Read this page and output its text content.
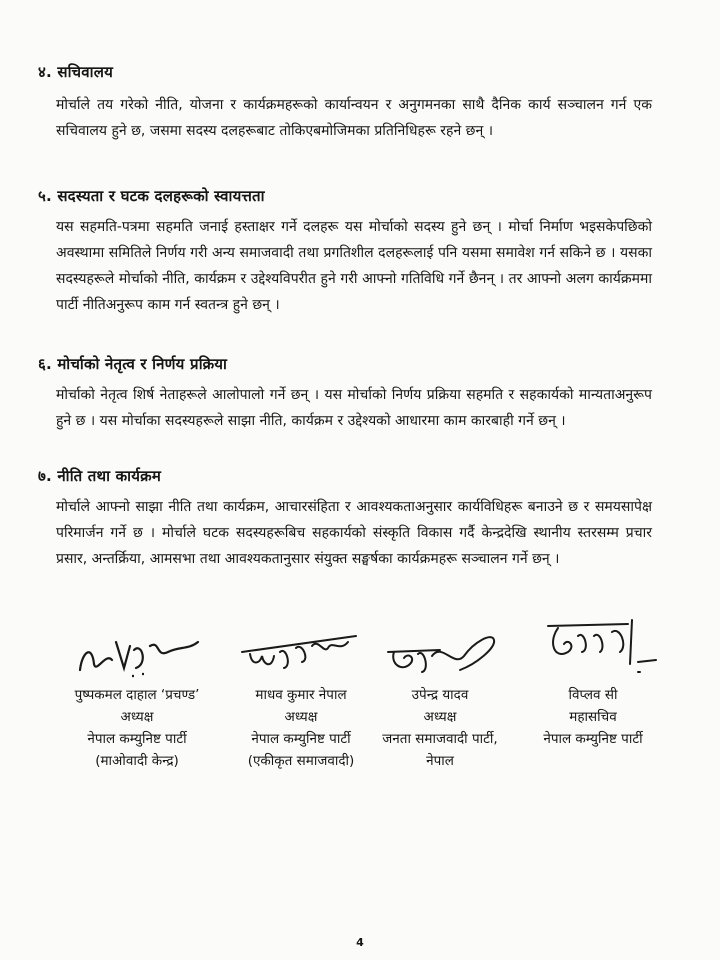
४. सचिवालय
मोर्चाले तय गरेको नीति, योजना र कार्यक्रमहरूको कार्यान्वयन र अनुगमनका साथै दैनिक कार्य सञ्चालन गर्न एक सचिवालय हुने छ, जसमा सदस्य दलहरूबाट तोकिएबमोजिमका प्रतिनिधिहरू रहने छन् ।
५. सदस्यता र घटक दलहरूको स्वायत्तता
यस सहमति-पत्रमा सहमति जनाई हस्ताक्षर गर्ने दलहरू यस मोर्चाको सदस्य हुने छन् । मोर्चा निर्माण भइसकेपछिको अवस्थामा समितिले निर्णय गरी अन्य समाजवादी तथा प्रगतिशील दलहरूलाई पनि यसमा समावेश गर्न सकिने छ । यसका सदस्यहरूले मोर्चाको नीति, कार्यक्रम र उद्देश्यविपरीत हुने गरी आफ्नो गतिविधि गर्ने छैनन् । तर आफ्नो अलग कार्यक्रममा पार्टी नीतिअनुरूप काम गर्न स्वतन्त्र हुने छन् ।
६. मोर्चाको नेतृत्व र निर्णय प्रक्रिया
मोर्चाको नेतृत्व शिर्ष नेताहरूले आलोपालो गर्ने छन् । यस मोर्चाको निर्णय प्रक्रिया सहमति र सहकार्यको मान्यताअनुरूप हुने छ । यस मोर्चाका सदस्यहरूले साझा नीति, कार्यक्रम र उद्देश्यको आधारमा काम कारबाही गर्ने छन् ।
७. नीति तथा कार्यक्रम
मोर्चाले आफ्नो साझा नीति तथा कार्यक्रम, आचारसंहिता र आवश्यकताअनुसार कार्यविधिहरू बनाउने छ र समयसापेक्ष परिमार्जन गर्ने छ । मोर्चाले घटक सदस्यहरूबिच सहकार्यको संस्कृति विकास गर्दै केन्द्रदेखि स्थानीय स्तरसम्म प्रचार प्रसार, अन्तर्क्रिया, आमसभा तथा आवश्यकतानुसार संयुक्त सङ्घर्षका कार्यक्रमहरू सञ्चालन गर्ने छन् ।
पुष्पकमल दाहाल ‘प्रचण्ड’
अध्यक्ष
नेपाल कम्युनिष्ट पार्टी
(माओवादी केन्द्र)
माधव कुमार नेपाल
अध्यक्ष
नेपाल कम्युनिष्ट पार्टी
(एकीकृत समाजवादी)
उपेन्द्र यादव
अध्यक्ष
जनता समाजवादी पार्टी,
नेपाल
विप्लव सी
महासचिव
नेपाल कम्युनिष्ट पार्टी
4
